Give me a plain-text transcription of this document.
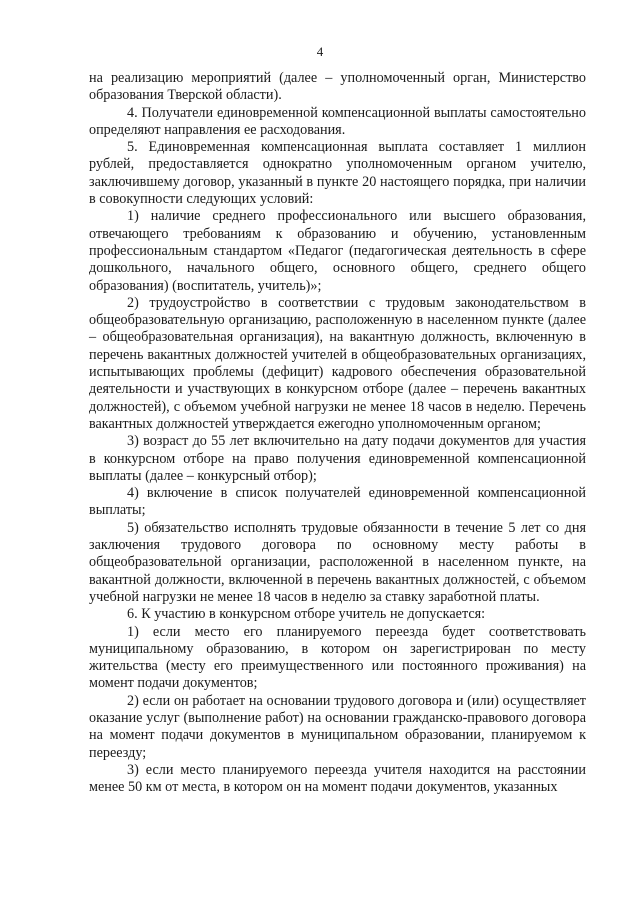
4

на реализацию мероприятий (далее – уполномоченный орган, Министерство образования Тверской области).

4. Получатели единовременной компенсационной выплаты самостоятельно определяют направления ее расходования.

5. Единовременная компенсационная выплата составляет 1 миллион рублей, предоставляется однократно уполномоченным органом учителю, заключившему договор, указанный в пункте 20 настоящего порядка, при наличии в совокупности следующих условий:

1) наличие среднего профессионального или высшего образования, отвечающего требованиям к образованию и обучению, установленным профессиональным стандартом «Педагог (педагогическая деятельность в сфере дошкольного, начального общего, основного общего, среднего общего образования) (воспитатель, учитель)»;

2) трудоустройство в соответствии с трудовым законодательством в общеобразовательную организацию, расположенную в населенном пункте (далее – общеобразовательная организация), на вакантную должность, включенную в перечень вакантных должностей учителей в общеобразовательных организациях, испытывающих проблемы (дефицит) кадрового обеспечения образовательной деятельности и участвующих в конкурсном отборе (далее – перечень вакантных должностей), с объемом учебной нагрузки не менее 18 часов в неделю. Перечень вакантных должностей утверждается ежегодно уполномоченным органом;

3) возраст до 55 лет включительно на дату подачи документов для участия в конкурсном отборе на право получения единовременной компенсационной выплаты (далее – конкурсный отбор);

4) включение в список получателей единовременной компенсационной выплаты;

5) обязательство исполнять трудовые обязанности в течение 5 лет со дня заключения трудового договора по основному месту работы в общеобразовательной организации, расположенной в населенном пункте, на вакантной должности, включенной в перечень вакантных должностей, с объемом учебной нагрузки не менее 18 часов в неделю за ставку заработной платы.

6. К участию в конкурсном отборе учитель не допускается:

1) если место его планируемого переезда будет соответствовать муниципальному образованию, в котором он зарегистрирован по месту жительства (месту его преимущественного или постоянного проживания) на момент подачи документов;

2) если он работает на основании трудового договора и (или) осуществляет оказание услуг (выполнение работ) на основании гражданско-правового договора на момент подачи документов в муниципальном образовании, планируемом к переезду;

3) если место планируемого переезда учителя находится на расстоянии менее 50 км от места, в котором он на момент подачи документов, указанных
